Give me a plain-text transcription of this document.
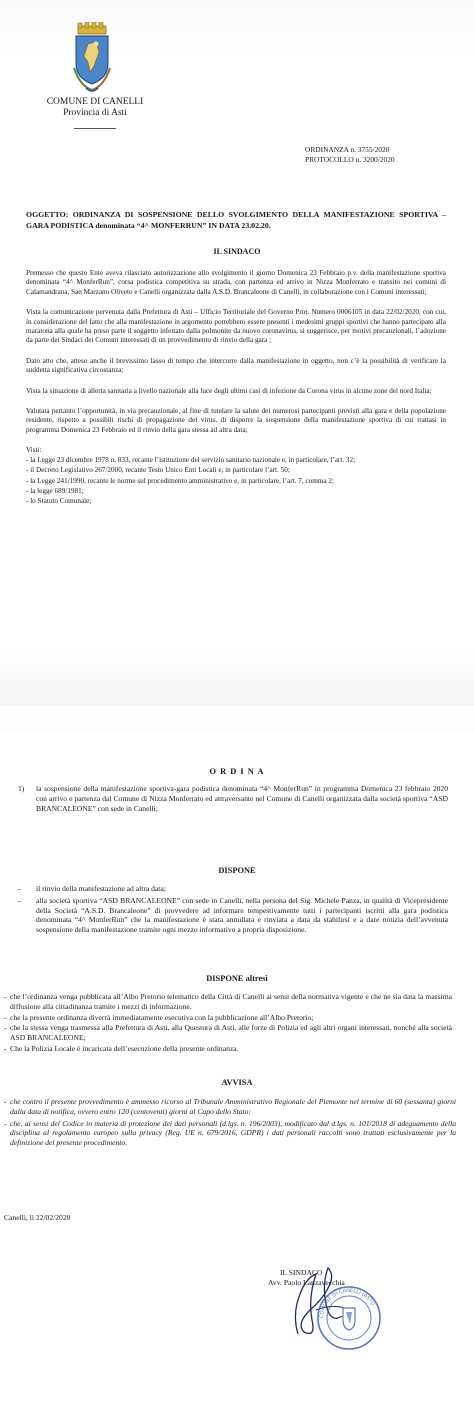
COMUNE DI CANELLI
Provincia di Asti
ORDINANZA n. 3755/2020
PROTOCOLLO n. 3200/2020
OGGETTO: ORDINANZA DI SOSPENSIONE DELLO SVOLGIMENTO DELLA MANIFESTAZIONE SPORTIVA – GARA PODISTICA denominata “4^ MONFERRUN” IN DATA 23.02.20.
IL SINDACO

Premesso che questo Ente aveva rilasciato autorizzazione allo svolgimento il giorno Domenica 23 Febbraio p.v. della manifestazione sportiva denominata “4^ MonferRun”, corsa podistica competitiva su strada, con partenza ed arrivo in Nizza Monferrato e transito nei comuni di Calamandrana, San Marzano Oliveto e Canelli organizzata dalla A.S.D. Brancaleone di Canelli, in collaborazione con i Comuni interessati;

Vista la comunicazione pervenuta dalla Prefettura di Asti – Ufficio Territoriale del Governo Prot. Numero 0006105 in data 22/02/2020, con cui, in considerazione del fatto che alla manifestazione in argomento potrebbero essere presenti i medesimi gruppi sportivi che hanno partecipato alla maratona alla quale ha preso parte il soggetto infettato dalla polmonite da nuovo coronavirus, si suggerisce, per motivi precauzionali, l’adozione da parte dei Sindaci dei Comuni interessati di un provvedimento di rinvio della gara ;

Dato atto che, atteso anche il brevissimo lasso di tempo che intercorre dalla manifestazione in oggetto, non c’è la possibilità di verificare la suddetta significativa circostanza;

Vista la situazione di allerta sanitaria a livello nazionale alla luce degli ultimi casi di infezione da Corona virus in alcune zone del nord Italia;

Valutata pertanto l’opportunità, in via precauzionale, al fine di tutelare la salute dei numerosi partecipanti previsti alla gara e della popolazione residente, rispetto a possibili rischi di propagazione del virus, di disporre la sospensione della manifestazione sportiva di cui trattasi in programma Domenica 23 Febbraio ed il rinvio della gara stessa ad altra data;

Visti:
- la Legge 23 dicembre 1978 n. 833, recante l’istituzione del servizio sanitario nazionale e, in particolare, l’art. 32;
- il Decreto Legislativo 267/2000, recante Testo Unico Enti Locali e, in particolare l’art. 50;
- la Legge 241/1990, recante le norme sul procedimento amministrativo e, in particolare, l’art. 7, comma 2;
- la legge 689/1981;
- lo Statuto Comunale;
O R D I N A
1) la sospensione della manifestazione sportiva-gara podistica denominata “4^ MonferRun” in programma Domenica 23 febbraio 2020 con arrivo e partenza dal Comune di Nizza Monferrato ed attraversante nel Comune di Canelli organizzata dalla società sportiva “ASD BRANCALEONE” con sede in Canelli;
DISPONE
- il rinvio della manifestazione ad altra data;
- alla società sportiva “ASD BRANCALEONE” con sede in Canelli, nella persona del Sig. Michele Panza, in qualità di Vicepresidente della Società “A.S.D. Brancaleone” di provvedere ad informare tempestivamente tutti i partecipanti iscritti alla gara podistica denominata “4^ MonferRun” che la manifestazione è stata annullata e rinviata a data da stabilirsi e a dare notizia dell’avvenuta sospensione della manifestazione tramite ogni mezzo informativo a propria disposizione.
DISPONE altresì
- che l’ordinanza venga pubblicata all’Albo Pretorio telematico della Città di Canelli ai sensi della normativa vigente e che ne sia data la massima diffusione alla cittadinanza tramite i mezzi di informazione.
- che la presente ordinanza diverrà immediatamente esecutiva con la pubblicazione all’Albo Pretorio;
- che la stessa venga trasmessa alla Prefettura di Asti, alla Questura di Asti, alle forze di Polizia ed agli altri organi interessati, nonché alla società ASD BRANCALEONE;
- Che la Polizia Locale è incaricata dell’esecuzione della presente ordinanza.
AVVISA
- che contro il presente provvedimento è ammesso ricorso al Tribunale Amministrativo Regionale del Piemonte nel termine di 60 (sessanta) giorni dalla data di notifica, ovvero entro 120 (centoventi) giorni al Capo dello Stato;
- che, ai sensi del Codice in materia di protezione dei dati personali (d.lgs. n. 196/2003), modificato dal d.lgs. n. 101/2018 di adeguamento della disciplina al regolamento europeo sulla privacy (Reg. UE n. 679/2016, GDPR) i dati personali raccolti sono trattati esclusivamente per la definizione del presente procedimento.
Canelli, lì 22/02/2020
IL SINDACO
Avv. Paolo Lanzavecchia
COMUNE DI CANELLI (ASTI)
